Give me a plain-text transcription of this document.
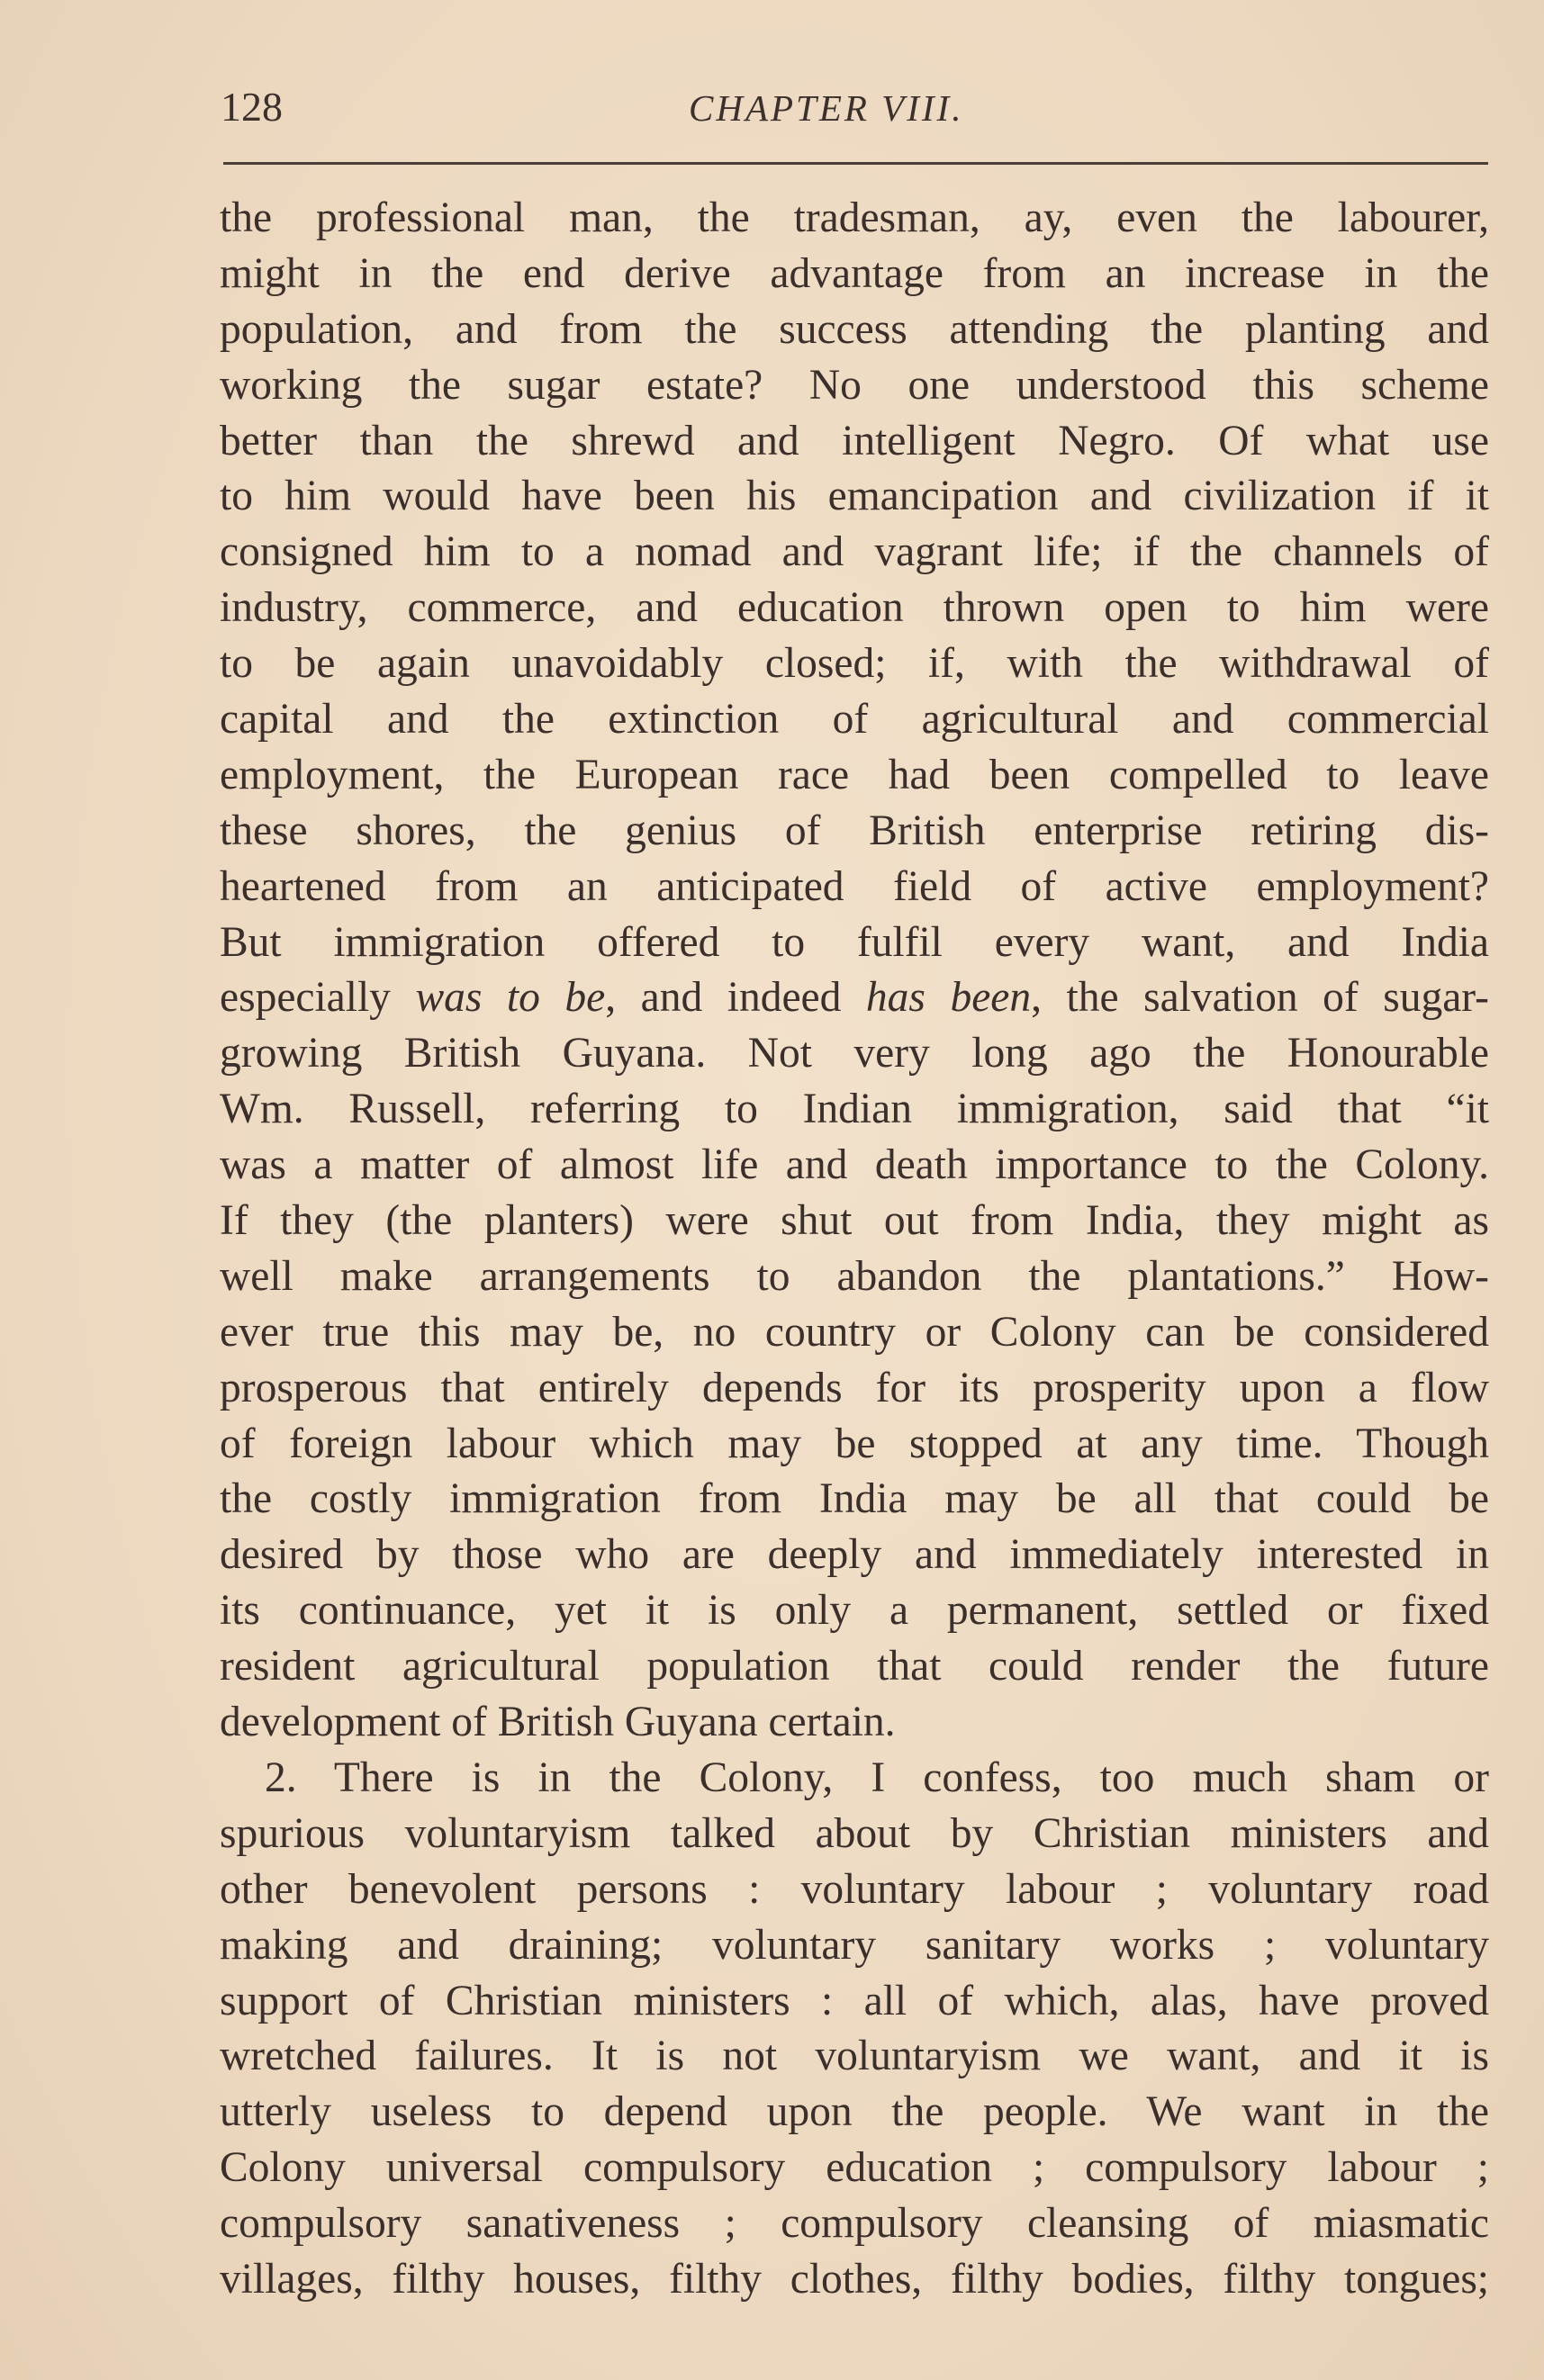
128	CHAPTER VIII.
the professional man, the tradesman, ay, even the labourer,
might in the end derive advantage from an increase in the
population, and from the success attending the planting and
working the sugar estate? No one understood this scheme
better than the shrewd and intelligent Negro. Of what use
to him would have been his emancipation and civilization if it
consigned him to a nomad and vagrant life; if the channels of
industry, commerce, and education thrown open to him were
to be again unavoidably closed; if, with the withdrawal of
capital and the extinction of agricultural and commercial
employment, the European race had been compelled to leave
these shores, the genius of British enterprise retiring dis-
heartened from an anticipated field of active employment?
But immigration offered to fulfil every want, and India
especially was to be, and indeed has been, the salvation of sugar-
growing British Guyana. Not very long ago the Honourable
Wm. Russell, referring to Indian immigration, said that “it
was a matter of almost life and death importance to the Colony.
If they (the planters) were shut out from India, they might as
well make arrangements to abandon the plantations.” How-
ever true this may be, no country or Colony can be considered
prosperous that entirely depends for its prosperity upon a flow
of foreign labour which may be stopped at any time. Though
the costly immigration from India may be all that could be
desired by those who are deeply and immediately interested in
its continuance, yet it is only a permanent, settled or fixed
resident agricultural population that could render the future
development of British Guyana certain.
2. There is in the Colony, I confess, too much sham or
spurious voluntaryism talked about by Christian ministers and
other benevolent persons : voluntary labour ; voluntary road
making and draining; voluntary sanitary works ; voluntary
support of Christian ministers : all of which, alas, have proved
wretched failures. It is not voluntaryism we want, and it is
utterly useless to depend upon the people. We want in the
Colony universal compulsory education ; compulsory labour ;
compulsory sanativeness ; compulsory cleansing of miasmatic
villages, filthy houses, filthy clothes, filthy bodies, filthy tongues;
